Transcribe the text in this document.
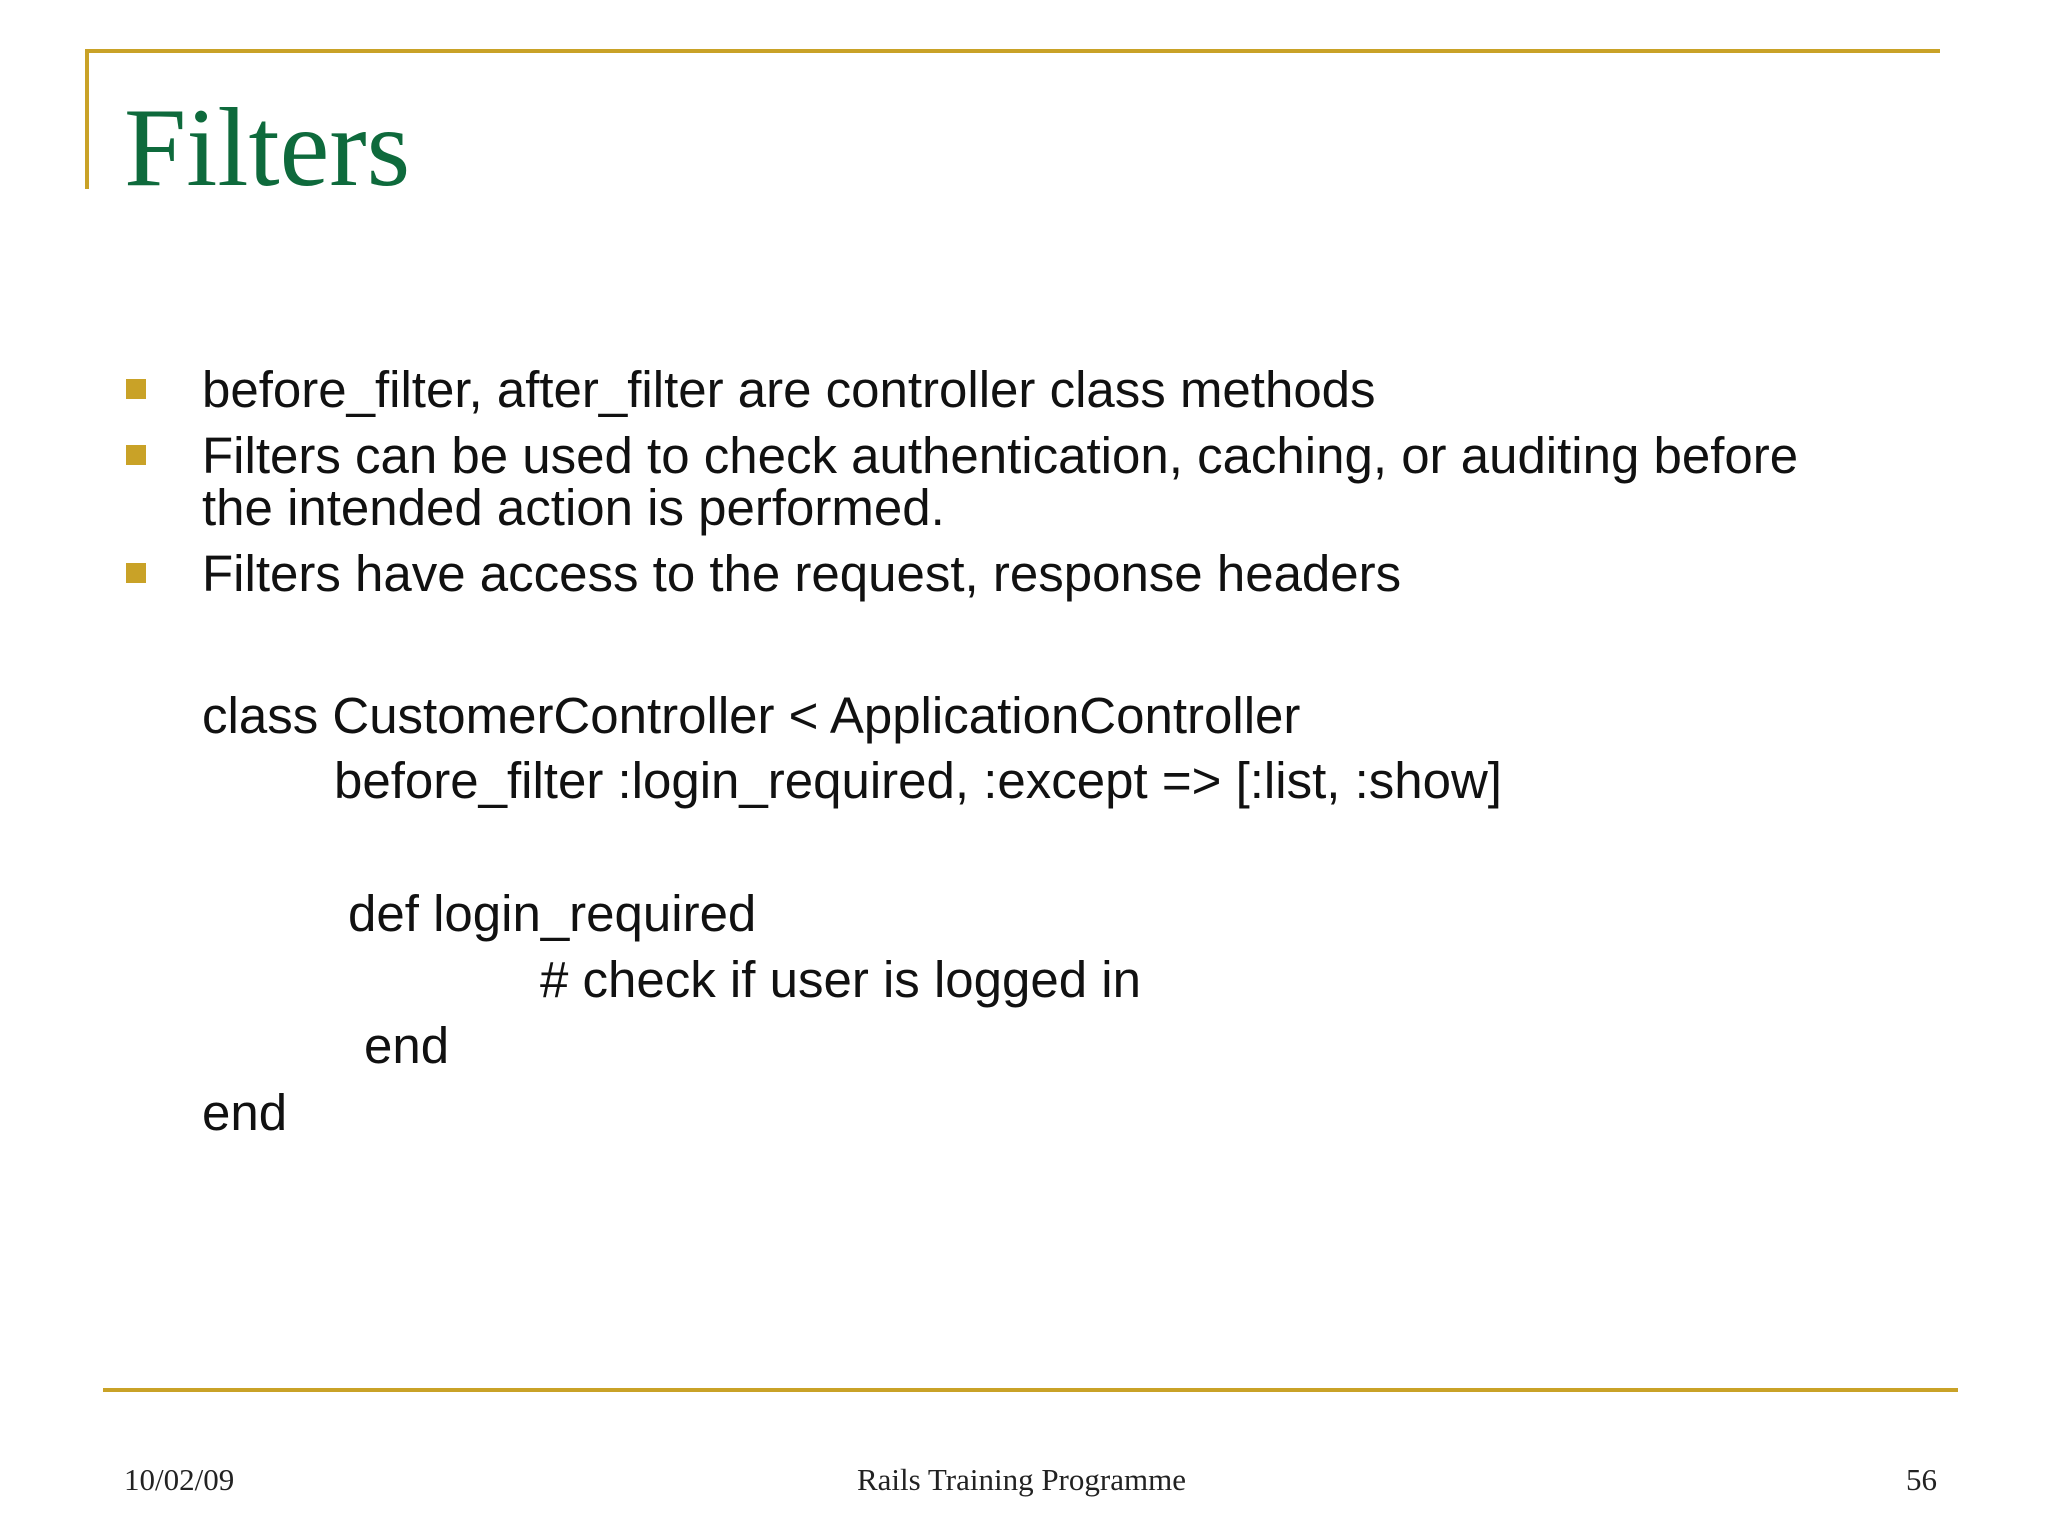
Filters
before_filter, after_filter are controller class methods
Filters can be used to check authentication, caching, or auditing before
the intended action is performed.
Filters have access to the request, response headers
class CustomerController < ApplicationController
before_filter :login_required, :except => [:list, :show]
def login_required
# check if user is logged in
end
end
10/02/09	Rails Training Programme	56
